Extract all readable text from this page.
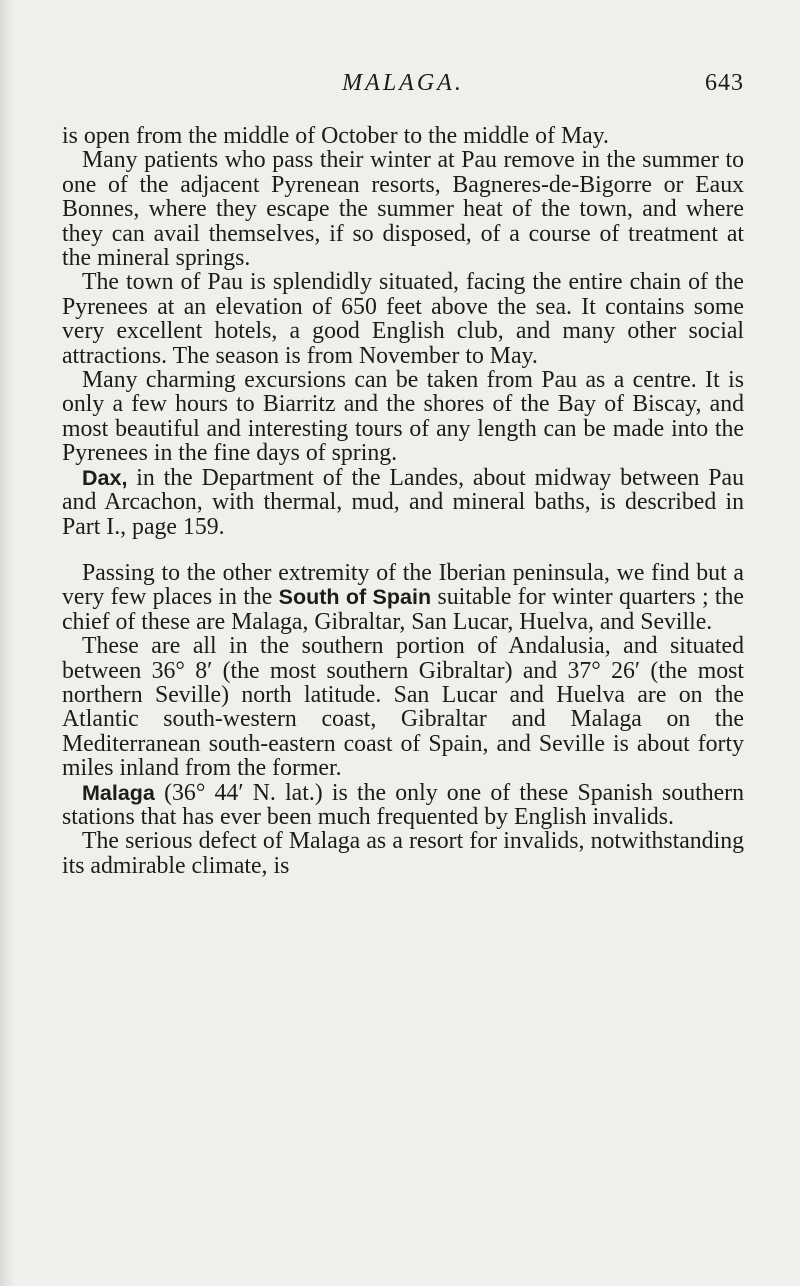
MALAGA.	643

is open from the middle of October to the middle of May.

Many patients who pass their winter at Pau remove in the summer to one of the adjacent Pyrenean resorts, Bagneres-de-Bigorre or Eaux Bonnes, where they escape the summer heat of the town, and where they can avail themselves, if so disposed, of a course of treatment at the mineral springs.

The town of Pau is splendidly situated, facing the entire chain of the Pyrenees at an elevation of 650 feet above the sea. It contains some very excellent hotels, a good English club, and many other social attractions. The season is from November to May.

Many charming excursions can be taken from Pau as a centre. It is only a few hours to Biarritz and the shores of the Bay of Biscay, and most beautiful and interesting tours of any length can be made into the Pyrenees in the fine days of spring.

Dax, in the Department of the Landes, about midway between Pau and Arcachon, with thermal, mud, and mineral baths, is described in Part I., page 159.

Passing to the other extremity of the Iberian peninsula, we find but a very few places in the South of Spain suitable for winter quarters ; the chief of these are Malaga, Gibraltar, San Lucar, Huelva, and Seville.

These are all in the southern portion of Andalusia, and situated between 36° 8′ (the most southern Gibraltar) and 37° 26′ (the most northern Seville) north latitude. San Lucar and Huelva are on the Atlantic south-western coast, Gibraltar and Malaga on the Mediterranean south-eastern coast of Spain, and Seville is about forty miles inland from the former.

Malaga (36° 44′ N. lat.) is the only one of these Spanish southern stations that has ever been much frequented by English invalids.

The serious defect of Malaga as a resort for invalids, notwithstanding its admirable climate, is
